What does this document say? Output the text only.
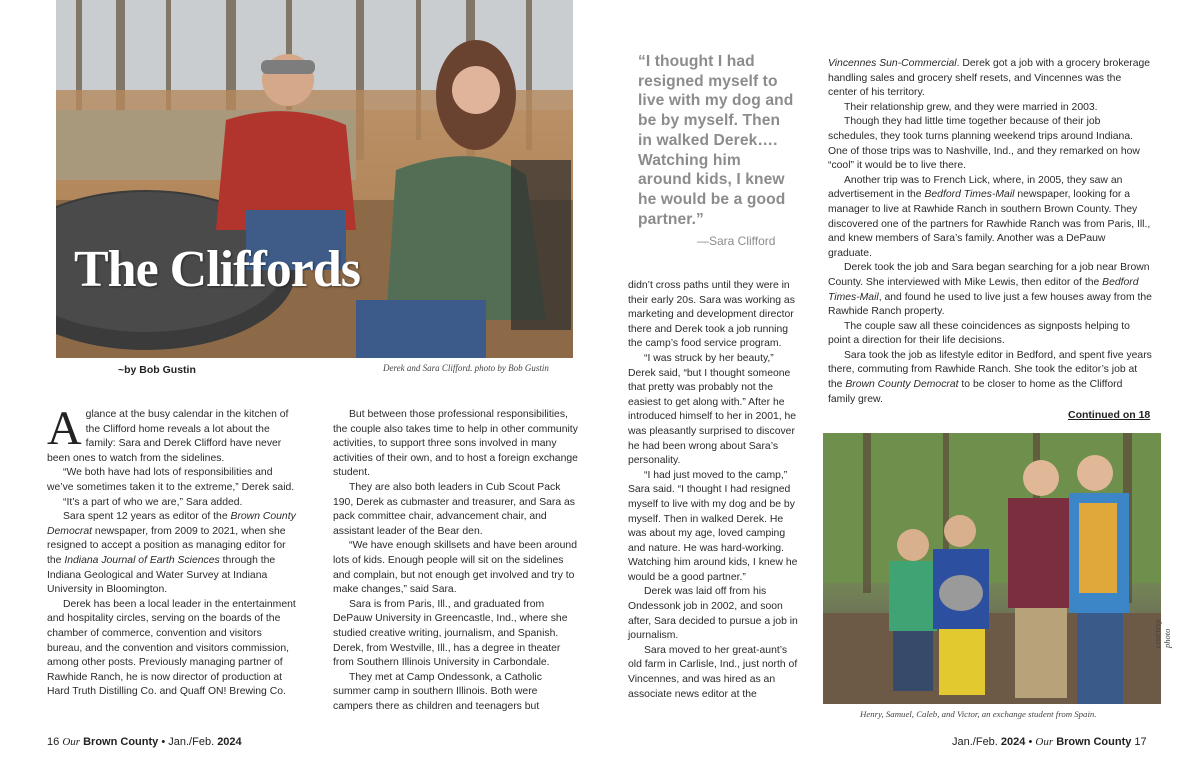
The Cliffords
~by Bob Gustin	Derek and Sara Clifford. photo by Bob Gustin

Aglance at the busy calendar in the kitchen of the Clifford home reveals a lot about the family: Sara and Derek Clifford have never been ones to watch from the sidelines.

“We both have had lots of responsibilities and we’ve sometimes taken it to the extreme,” Derek said.

“It’s a part of who we are,” Sara added.

Sara spent 12 years as editor of the Brown County Democrat newspaper, from 2009 to 2021, when she resigned to accept a position as managing editor for the Indiana Journal of Earth Sciences through the Indiana Geological and Water Survey at Indiana University in Bloomington.

Derek has been a local leader in the entertainment and hospitality circles, serving on the boards of the chamber of commerce, convention and visitors bureau, and the convention and visitors commission, among other posts. Previously managing partner of Rawhide Ranch, he is now director of production at Hard Truth Distilling Co. and Quaff ON! Brewing Co.

But between those professional responsibilities, the couple also takes time to help in other community activities, to support three sons involved in many activities of their own, and to host a foreign exchange student.

They are also both leaders in Cub Scout Pack 190, Derek as cubmaster and treasurer, and Sara as pack committee chair, advancement chair, and assistant leader of the Bear den.

“We have enough skillsets and have been around lots of kids. Enough people will sit on the sidelines and complain, but not enough get involved and try to make changes,” said Sara.

Sara is from Paris, Ill., and graduated from DePauw University in Greencastle, Ind., where she studied creative writing, journalism, and Spanish. Derek, from Westville, Ill., has a degree in theater from Southern Illinois University in Carbondale.

They met at Camp Ondessonk, a Catholic summer camp in southern Illinois. Both were campers there as children and teenagers but

16 Our Brown County • Jan./Feb. 2024
“I thought I had resigned myself to live with my dog and be by myself. Then in walked Derek…. Watching him around kids, I knew he would be a good partner.”
—Sara Clifford

didn’t cross paths until they were in their early 20s. Sara was working as marketing and development director there and Derek took a job running the camp’s food service program.

“I was struck by her beauty,” Derek said, “but I thought someone that pretty was probably not the easiest to get along with.” After he introduced himself to her in 2001, he was pleasantly surprised to discover he had been wrong about Sara’s personality.

“I had just moved to the camp,” Sara said. “I thought I had resigned myself to live with my dog and be by myself. Then in walked Derek. He was about my age, loved camping and nature. He was hard-working. Watching him around kids, I knew he would be a good partner.”

Derek was laid off from his Ondessonk job in 2002, and soon after, Sara decided to pursue a job in journalism.

Sara moved to her great-aunt’s old farm in Carlisle, Ind., just north of Vincennes, and was hired as an associate news editor at the

Vincennes Sun-Commercial. Derek got a job with a grocery brokerage handling sales and grocery shelf resets, and Vincennes was the center of his territory.

Their relationship grew, and they were married in 2003.

Though they had little time together because of their job schedules, they took turns planning weekend trips around Indiana. One of those trips was to Nashville, Ind., and they remarked on how “cool” it would be to live there.

Another trip was to French Lick, where, in 2005, they saw an advertisement in the Bedford Times-Mail newspaper, looking for a manager to live at Rawhide Ranch in southern Brown County. They discovered one of the partners for Rawhide Ranch was from Paris, Ill., and knew members of Sara’s family. Another was a DePauw graduate.

Derek took the job and Sara began searching for a job near Brown County. She interviewed with Mike Lewis, then editor of the Bedford Times-Mail, and found he used to live just a few houses away from the Rawhide Ranch property.

The couple saw all these coincidences as signposts helping to point a direction for their life decisions.

Sara took the job as lifestyle editor in Bedford, and spent five years there, commuting from Rawhide Ranch. She took the editor’s job at the Brown County Democrat to be closer to home as the Clifford family grew.

Continued on 18
courtesy photo
Henry, Samuel, Caleb, and Victor, an exchange student from Spain.
Jan./Feb. 2024 • Our Brown County 17
